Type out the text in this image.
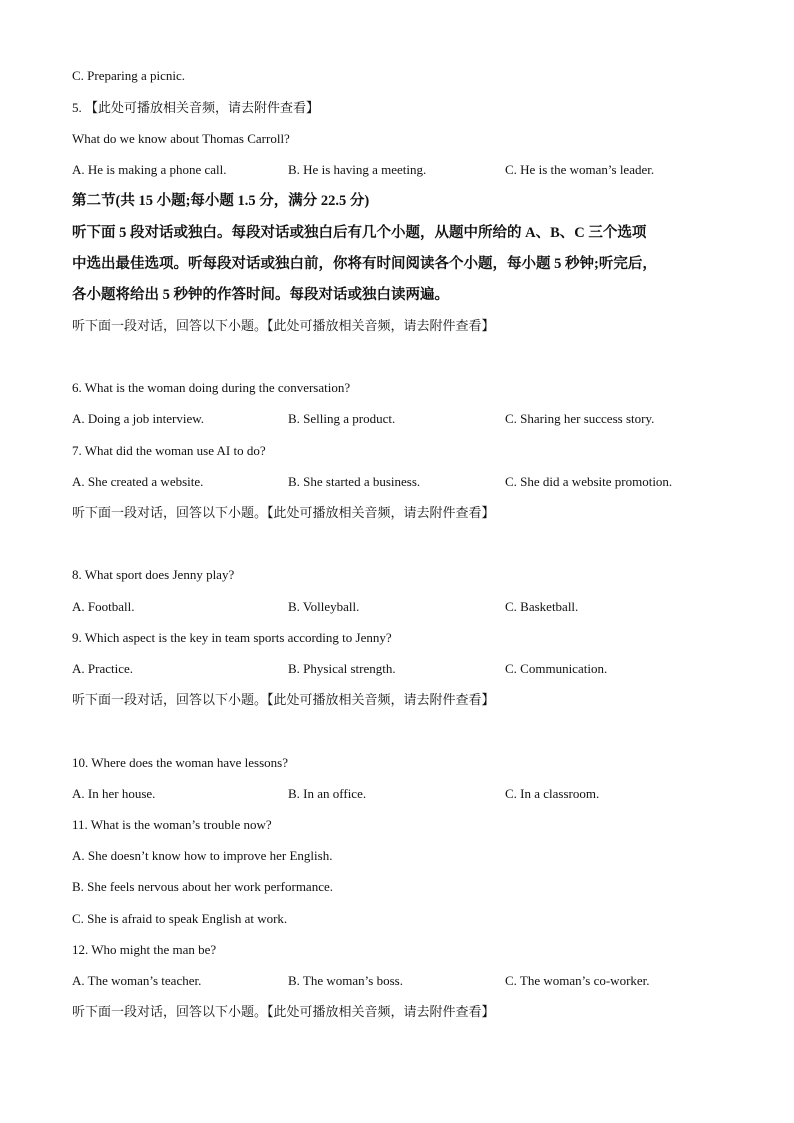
C. Preparing a picnic.
5. 【此处可播放相关音频，请去附件查看】
What do we know about Thomas Carroll?
A. He is making a phone call.	B. He is having a meeting.	C. He is the woman’s leader.
第二节(共 15 小题;每小题 1.5 分，满分 22.5 分)
听下面 5 段对话或独白。每段对话或独白后有几个小题，从题中所给的 A、B、C 三个选项
中选出最佳选项。听每段对话或独白前，你将有时间阅读各个小题，每小题 5 秒钟;听完后，
各小题将给出 5 秒钟的作答时间。每段对话或独白读两遍。
听下面一段对话，回答以下小题。【此处可播放相关音频，请去附件查看】
6. What is the woman doing during the conversation?
A. Doing a job interview.	B. Selling a product.	C. Sharing her success story.
7. What did the woman use AI to do?
A. She created a website.	B. She started a business.	C. She did a website promotion.
听下面一段对话，回答以下小题。【此处可播放相关音频，请去附件查看】
8. What sport does Jenny play?
A. Football.	B. Volleyball.	C. Basketball.
9. Which aspect is the key in team sports according to Jenny?
A. Practice.	B. Physical strength.	C. Communication.
听下面一段对话，回答以下小题。【此处可播放相关音频，请去附件查看】
10. Where does the woman have lessons?
A. In her house.	B. In an office.	C. In a classroom.
11. What is the woman’s trouble now?
A. She doesn’t know how to improve her English.
B. She feels nervous about her work performance.
C. She is afraid to speak English at work.
12. Who might the man be?
A. The woman’s teacher.	B. The woman’s boss.	C. The woman’s co-worker.
听下面一段对话，回答以下小题。【此处可播放相关音频，请去附件查看】
